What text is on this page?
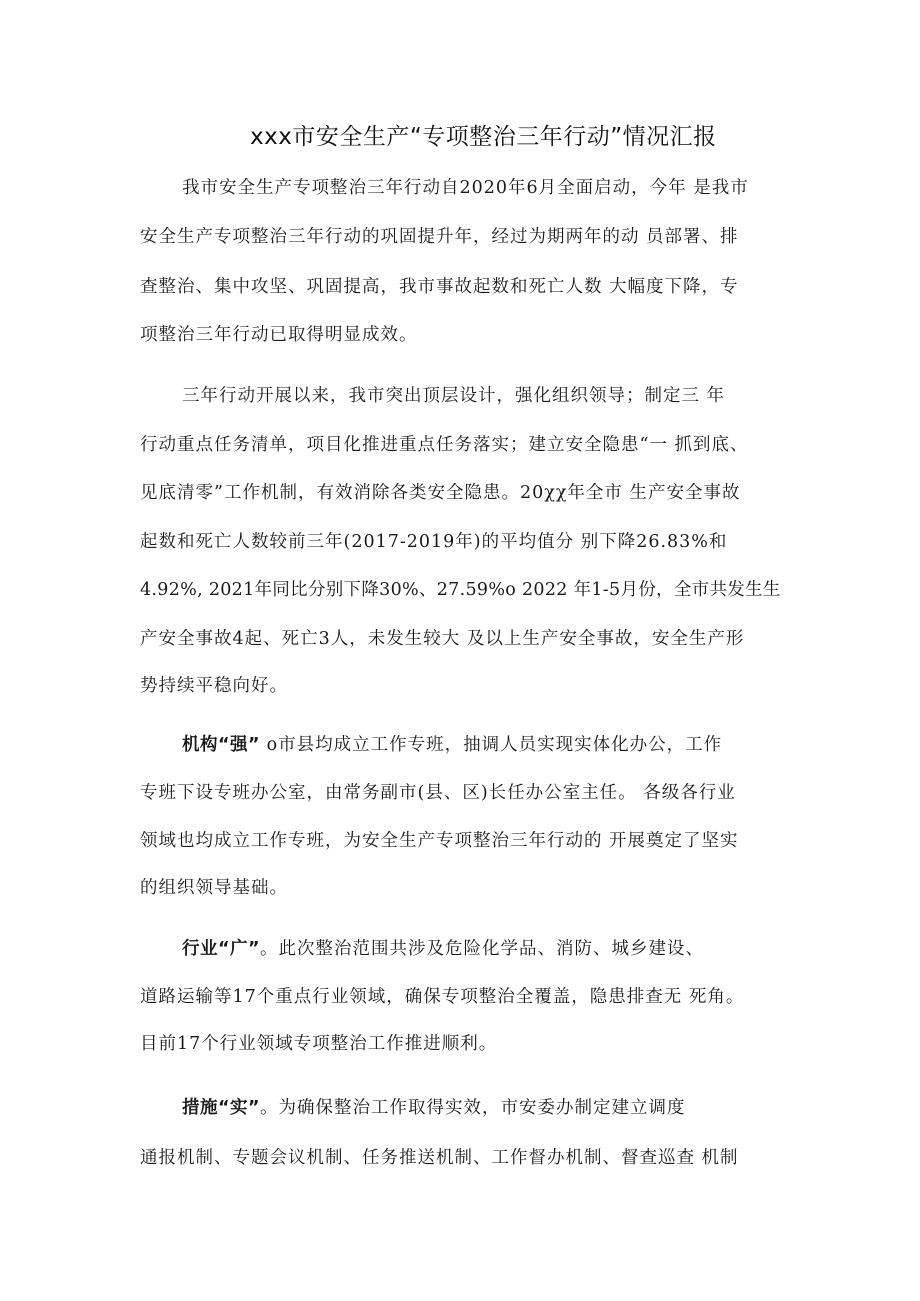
xxx市安全生产“专项整治三年行动”情况汇报
我市安全生产专项整治三年行动自2020年6月全面启动，今年 是我市
安全生产专项整治三年行动的巩固提升年，经过为期两年的动 员部署、排
查整治、集中攻坚、巩固提高，我市事故起数和死亡人数 大幅度下降，专
项整治三年行动已取得明显成效。
三年行动开展以来，我市突出顶层设计，强化组织领导；制定三 年
行动重点任务清单，项目化推进重点任务落实；建立安全隐患“一 抓到底、
见底清零”工作机制，有效消除各类安全隐患。20χχ年全市 生产安全事故
起数和死亡人数较前三年(2017-2019年)的平均值分 别下降26.83%和
4.92%, 2021年同比分别下降30%、27.59%o 2022 年1-5月份，全市共发生生
产安全事故4起、死亡3人，未发生较大 及以上生产安全事故，安全生产形
势持续平稳向好。
机构“强” o市县均成立工作专班，抽调人员实现实体化办公，工作
专班下设专班办公室，由常务副市(县、区)长任办公室主任。 各级各行业
领域也均成立工作专班，为安全生产专项整治三年行动的 开展奠定了坚实
的组织领导基础。
行业“广”。此次整治范围共涉及危险化学品、消防、城乡建设、
道路运输等17个重点行业领域，确保专项整治全覆盖，隐患排查无 死角。
目前17个行业领域专项整治工作推进顺利。
措施“实”。为确保整治工作取得实效，市安委办制定建立调度
通报机制、专题会议机制、任务推送机制、工作督办机制、督查巡查 机制
